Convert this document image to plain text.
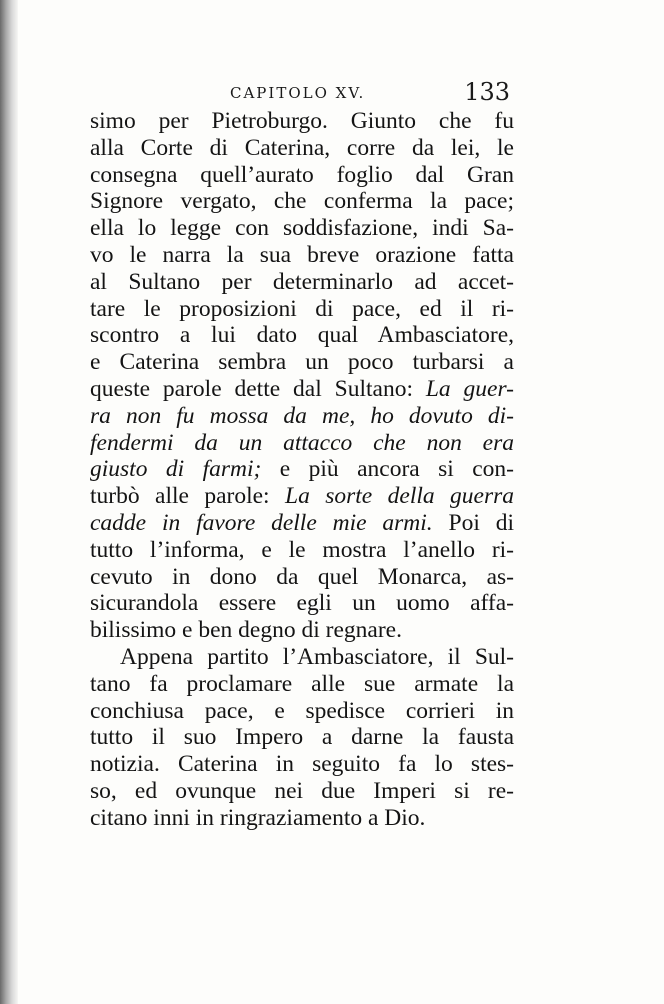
CAPITOLO XV.	133
simo per Pietroburgo. Giunto che fu
alla Corte di Caterina, corre da lei, le
consegna quell’aurato foglio dal Gran
Signore vergato, che conferma la pace;
ella lo legge con soddisfazione, indi Sa-
vo le narra la sua breve orazione fatta
al Sultano per determinarlo ad accet-
tare le proposizioni di pace, ed il ri-
scontro a lui dato qual Ambasciatore,
e Caterina sembra un poco turbarsi a
queste parole dette dal Sultano: La guer-
ra non fu mossa da me, ho dovuto di-
fendermi da un attacco che non era
giusto di farmi; e più ancora si con-
turbò alle parole: La sorte della guerra
cadde in favore delle mie armi. Poi di
tutto l’informa, e le mostra l’anello ri-
cevuto in dono da quel Monarca, as-
sicurandola essere egli un uomo affa-
bilissimo e ben degno di regnare.
Appena partito l’Ambasciatore, il Sul-
tano fa proclamare alle sue armate la
conchiusa pace, e spedisce corrieri in
tutto il suo Impero a darne la fausta
notizia. Caterina in seguito fa lo stes-
so, ed ovunque nei due Imperi si re-
citano inni in ringraziamento a Dio.
